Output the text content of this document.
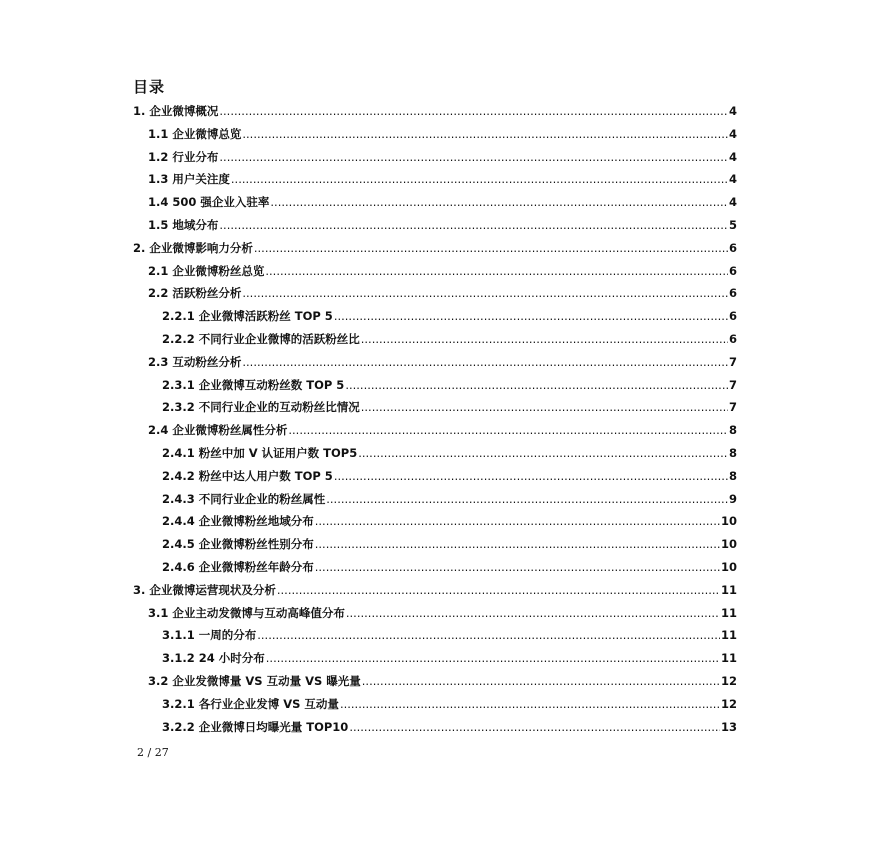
目录
1. 企业微博概况 .....	4
1.1 企业微博总览 .....	4
1.2 行业分布 .....	4
1.3 用户关注度 .....	4
1.4 500 强企业入驻率 .....	4
1.5 地域分布 .....	5
2. 企业微博影响力分析 .....	6
2.1 企业微博粉丝总览 .....	6
2.2 活跃粉丝分析 .....	6
2.2.1 企业微博活跃粉丝 TOP 5 .....	6
2.2.2 不同行业企业微博的活跃粉丝比 .....	6
2.3 互动粉丝分析 .....	7
2.3.1 企业微博互动粉丝数 TOP 5 .....	7
2.3.2 不同行业企业的互动粉丝比情况 .....	7
2.4 企业微博粉丝属性分析 .....	8
2.4.1 粉丝中加 V 认证用户数 TOP5 .....	8
2.4.2 粉丝中达人用户数 TOP 5 .....	8
2.4.3 不同行业企业的粉丝属性 .....	9
2.4.4 企业微博粉丝地域分布 .....	10
2.4.5 企业微博粉丝性别分布 .....	10
2.4.6 企业微博粉丝年龄分布 .....	10
3. 企业微博运营现状及分析 .....	11
3.1 企业主动发微博与互动高峰值分布 .....	11
3.1.1 一周的分布 .....	11
3.1.2 24 小时分布 .....	11
3.2 企业发微博量 VS 互动量 VS 曝光量 .....	12
3.2.1 各行业企业发博 VS 互动量 .....	12
3.2.2 企业微博日均曝光量 TOP10 .....	13
2 / 27
